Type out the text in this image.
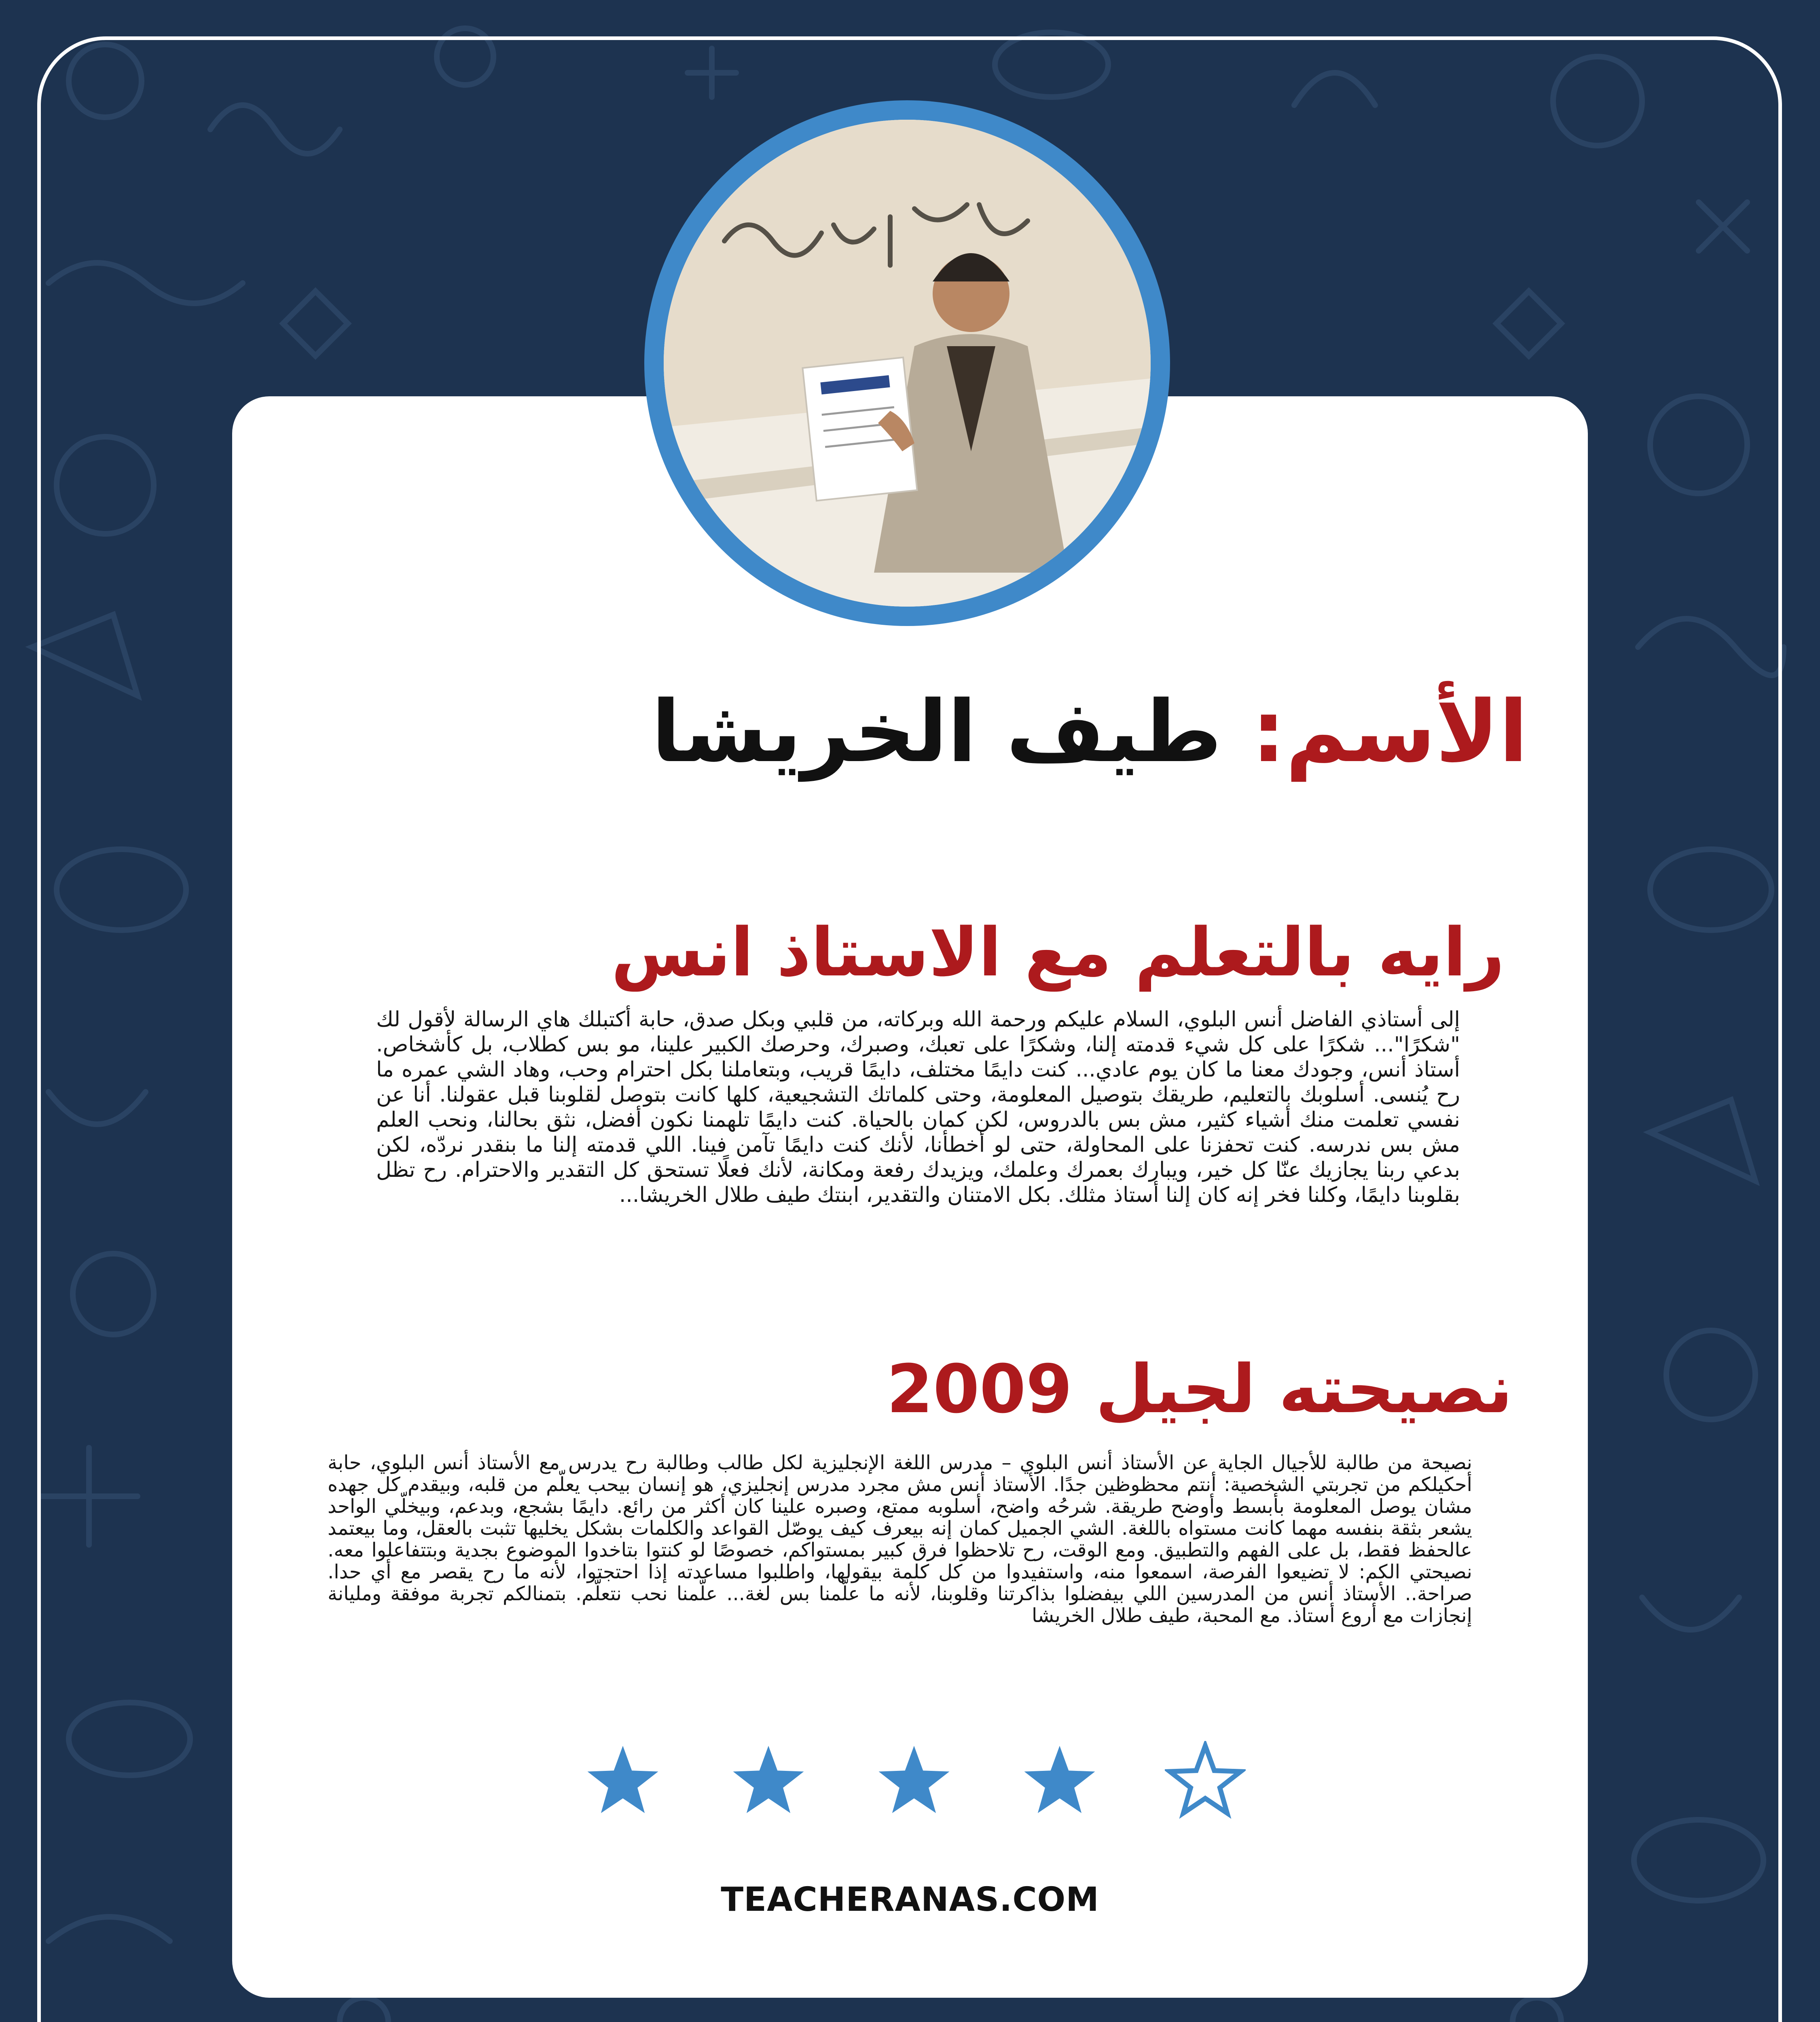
الأسم: طيف الخريشا
رايه بالتعلم مع الاستاذ انس

إلى أستاذي الفاضل أنس البلوي، السلام عليكم ورحمة الله وبركاته، من قلبي وبكل صدق، حابة أكتبلك هاي الرسالة لأقول لك "شكرًا"... شكرًا على كل شيء قدمته إلنا، وشكرًا على تعبك، وصبرك، وحرصك الكبير علينا، مو بس كطلاب، بل كأشخاص. أستاذ أنس، وجودك معنا ما كان يوم عادي... كنت دايمًا مختلف، دايمًا قريب، وبتعاملنا بكل احترام وحب، وهاد الشي عمره ما رح يُنسى. أسلوبك بالتعليم، طريقك بتوصيل المعلومة، وحتى كلماتك التشجيعية، كلها كانت بتوصل لقلوبنا قبل عقولنا. أنا عن نفسي تعلمت منك أشياء كثير، مش بس بالدروس، لكن كمان بالحياة. كنت دايمًا تلهمنا نكون أفضل، نثق بحالنا، ونحب العلم مش بس ندرسه. كنت تحفزنا على المحاولة، حتى لو أخطأنا، لأنك كنت دايمًا تآمن فينا. اللي قدمته إلنا ما بنقدر نردّه، لكن بدعي ربنا يجازيك عنّا كل خير، ويبارك بعمرك وعلمك، ويزيدك رفعة ومكانة، لأنك فعلًا تستحق كل التقدير والاحترام. رح تظل بقلوبنا دايمًا، وكلنا فخر إنه كان إلنا أستاذ مثلك. بكل الامتنان والتقدير، ابنتك طيف طلال الخريشا...

نصيحته لجيل 2009

نصيحة من طالبة للأجيال الجاية عن الأستاذ أنس البلوي – مدرس اللغة الإنجليزية لكل طالب وطالبة رح يدرس مع الأستاذ أنس البلوي، حابة أحكيلكم من تجربتي الشخصية: أنتم محظوظين جدًا. الأستاذ أنس مش مجرد مدرس إنجليزي، هو إنسان بيحب يعلّم من قلبه، وبيقدم كل جهده مشان يوصل المعلومة بأبسط وأوضح طريقة. شرحُه واضح، أسلوبه ممتع، وصبره علينا كان أكثر من رائع. دايمًا بشجع، وبدعم، وبيخلّي الواحد يشعر بثقة بنفسه مهما كانت مستواه باللغة. الشي الجميل كمان إنه بيعرف كيف يوصّل القواعد والكلمات بشكل يخليها تثبت بالعقل، وما بيعتمد عالحفظ فقط، بل على الفهم والتطبيق. ومع الوقت، رح تلاحظوا فرق كبير بمستواكم، خصوصًا لو كنتوا بتاخدوا الموضوع بجدية وبتتفاعلوا معه. نصيحتي الكم: لا تضيعوا الفرصة، اسمعوا منه، واستفيدوا من كل كلمة بيقولها، واطلبوا مساعدته إذا احتجتوا، لأنه ما رح يقصر مع أي حدا. صراحة.. الأستاذ أنس من المدرسين اللي بيفضلوا بذاكرتنا وقلوبنا، لأنه ما علّمنا بس لغة... علّمنا نحب نتعلّم. بتمنالكم تجربة موفقة ومليانة إنجازات مع أروع أستاذ. مع المحبة، طيف طلال الخريشا

TEACHERANAS.COM
